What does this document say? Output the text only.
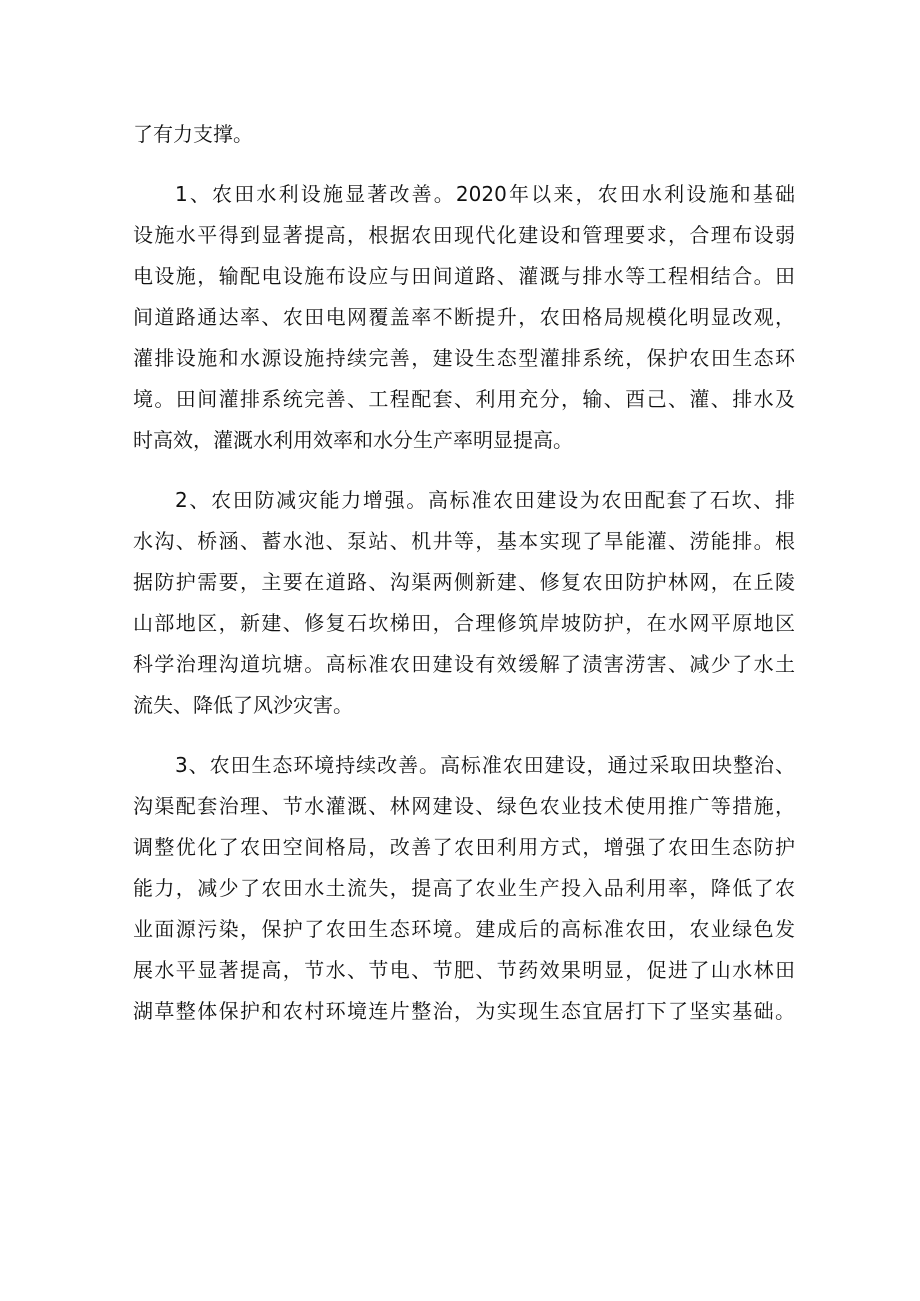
了有力支撑。

1、农田水利设施显著改善。2020年以来，农田水利设施和基础
设施水平得到显著提高，根据农田现代化建设和管理要求，合理布设弱
电设施，输配电设施布设应与田间道路、灌溉与排水等工程相结合。田
间道路通达率、农田电网覆盖率不断提升，农田格局规模化明显改观，
灌排设施和水源设施持续完善，建设生态型灌排系统，保护农田生态环
境。田间灌排系统完善、工程配套、利用充分，输、酉己、灌、排水及
时高效，灌溉水利用效率和水分生产率明显提高。

2、农田防减灾能力增强。高标准农田建设为农田配套了石坎、排
水沟、桥涵、蓄水池、泵站、机井等，基本实现了旱能灌、涝能排。根
据防护需要，主要在道路、沟渠两侧新建、修复农田防护林网，在丘陵
山部地区，新建、修复石坎梯田，合理修筑岸坡防护，在水网平原地区
科学治理沟道坑塘。高标准农田建设有效缓解了渍害涝害、减少了水土
流失、降低了风沙灾害。

3、农田生态环境持续改善。高标准农田建设，通过采取田块整治、
沟渠配套治理、节水灌溉、林网建设、绿色农业技术使用推广等措施，
调整优化了农田空间格局，改善了农田利用方式，增强了农田生态防护
能力，减少了农田水土流失，提高了农业生产投入品利用率，降低了农
业面源污染，保护了农田生态环境。建成后的高标准农田，农业绿色发
展水平显著提高，节水、节电、节肥、节药效果明显，促进了山水林田
湖草整体保护和农村环境连片整治，为实现生态宜居打下了坚实基础。
